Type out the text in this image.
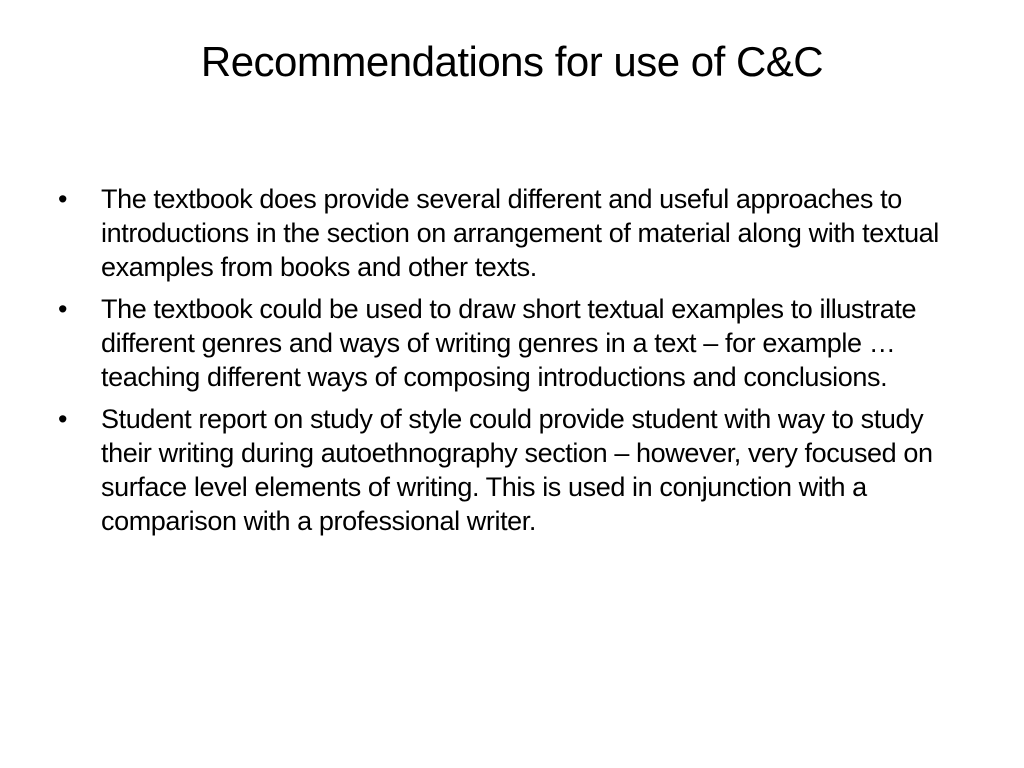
Recommendations for use of C&C
•	The textbook does provide several different and useful approaches to introductions in the section on arrangement of material along with textual examples from books and other texts.
•	The textbook could be used to draw short textual examples to illustrate different genres and ways of writing genres in a text – for example … teaching different ways of composing introductions and conclusions.
•	Student report on study of style could provide student with way to study their writing during autoethnography section – however, very focused on surface level elements of writing. This is used in conjunction with a comparison with a professional writer.
